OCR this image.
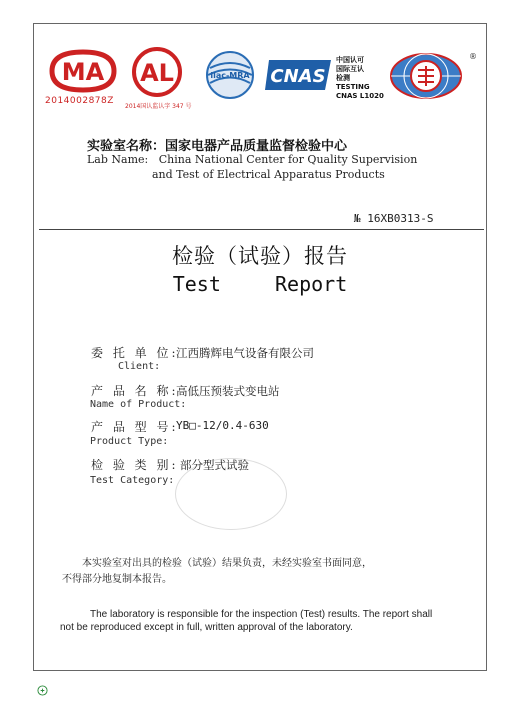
MA
2014002878Z
AL
2014国认监认字 347 号
ilac-MRA CNAS
中国认可
国际互认
检测
TESTING
CNAS L1020
®
实验室名称：国家电器产品质量监督检验中心
Lab Name:   China National Center for Quality Supervision
and Test of Electrical Apparatus Products
№ 16XB0313-S
检验（试验）报告
Test   Report
委 托 单 位:
江西腾辉电气设备有限公司
Client:
产 品 名 称:
高低压预装式变电站
Name of Product:
产 品 型 号:
YB□-12/0.4-630
Product Type:
检 验 类 别: 部分型式试验
Test Category:
本实验室对出具的检验（试验）结果负责，未经实验室书面同意，
不得部分地复制本报告。
The laboratory is responsible for the inspection (Test) results. The report shall
not be reproduced except in full, written approval of the laboratory.
